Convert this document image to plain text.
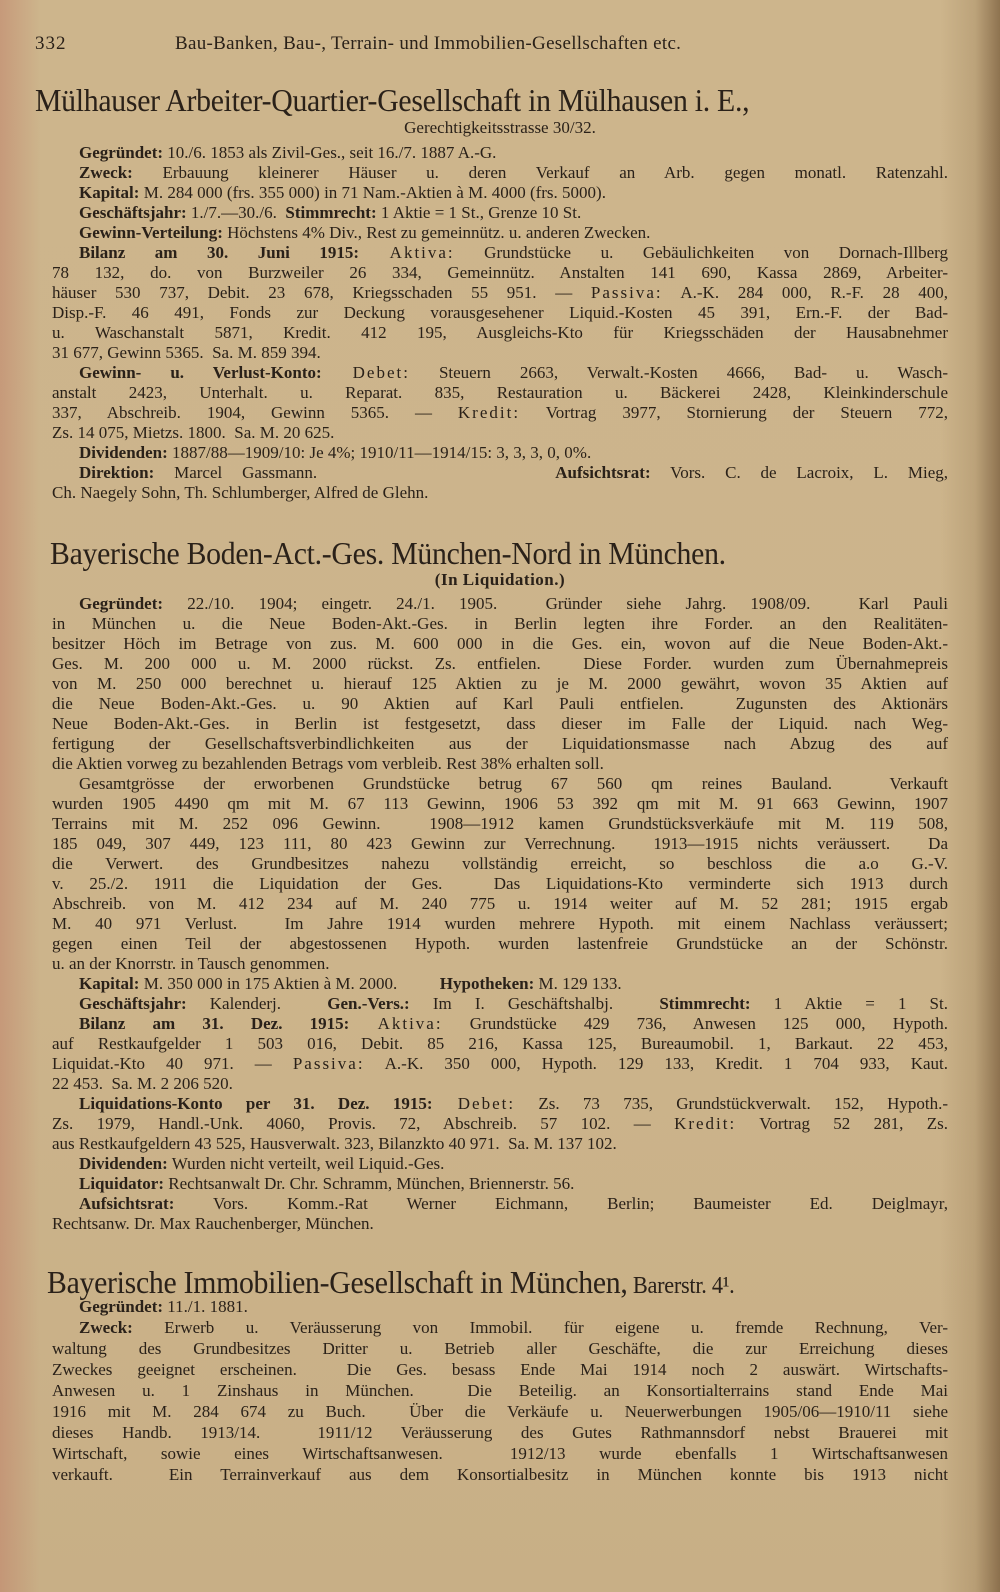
332	Bau-Banken, Bau-, Terrain- und Immobilien-Gesellschaften etc.
Mülhauser Arbeiter-Quartier-Gesellschaft in Mülhausen i. E.,
Gerechtigkeitsstrasse 30/32.
Gegründet: 10./6. 1853 als Zivil-Ges., seit 16./7. 1887 A.-G.
Zweck: Erbauung kleinerer Häuser u. deren Verkauf an Arb. gegen monatl. Ratenzahl.
Kapital: M. 284 000 (frs. 355 000) in 71 Nam.-Aktien à M. 4000 (frs. 5000).
Geschäftsjahr: 1./7.—30./6.  Stimmrecht: 1 Aktie = 1 St., Grenze 10 St.
Gewinn-Verteilung: Höchstens 4% Div., Rest zu gemeinnütz. u. anderen Zwecken.
Bilanz am 30. Juni 1915: Aktiva: Grundstücke u. Gebäulichkeiten von Dornach-Illberg
78 132, do. von Burzweiler 26 334, Gemeinnütz. Anstalten 141 690, Kassa 2869, Arbeiter-
häuser 530 737, Debit. 23 678, Kriegsschaden 55 951. — Passiva: A.-K. 284 000, R.-F. 28 400,
Disp.-F. 46 491, Fonds zur Deckung vorausgesehener Liquid.-Kosten 45 391, Ern.-F. der Bad-
u. Waschanstalt 5871, Kredit. 412 195, Ausgleichs-Kto für Kriegsschäden der Hausabnehmer
31 677, Gewinn 5365.  Sa. M. 859 394.
Gewinn- u. Verlust-Konto: Debet: Steuern 2663, Verwalt.-Kosten 4666, Bad- u. Wasch-
anstalt 2423, Unterhalt. u. Reparat. 835, Restauration u. Bäckerei 2428, Kleinkinderschule
337, Abschreib. 1904, Gewinn 5365. — Kredit: Vortrag 3977, Stornierung der Steuern 772,
Zs. 14 075, Mietzs. 1800.  Sa. M. 20 625.
Dividenden: 1887/88—1909/10: Je 4%; 1910/11—1914/15: 3, 3, 3, 0, 0%.
Direktion: Marcel Gassmann.            Aufsichtsrat: Vors. C. de Lacroix, L. Mieg,
Ch. Naegely Sohn, Th. Schlumberger, Alfred de Glehn.
Bayerische Boden-Act.-Ges. München-Nord in München.
(In Liquidation.)
Gegründet: 22./10. 1904; eingetr. 24./1. 1905.  Gründer siehe Jahrg. 1908/09.  Karl Pauli
in München u. die Neue Boden-Akt.-Ges. in Berlin legten ihre Forder. an den Realitäten-
besitzer Höch im Betrage von zus. M. 600 000 in die Ges. ein, wovon auf die Neue Boden-Akt.-
Ges. M. 200 000 u. M. 2000 rückst. Zs. entfielen.  Diese Forder. wurden zum Übernahmepreis
von M. 250 000 berechnet u. hierauf 125 Aktien zu je M. 2000 gewährt, wovon 35 Aktien auf
die Neue Boden-Akt.-Ges. u. 90 Aktien auf Karl Pauli entfielen.  Zugunsten des Aktionärs
Neue Boden-Akt.-Ges. in Berlin ist festgesetzt, dass dieser im Falle der Liquid. nach Weg-
fertigung der Gesellschaftsverbindlichkeiten aus der Liquidationsmasse nach Abzug des auf
die Aktien vorweg zu bezahlenden Betrags vom verbleib. Rest 38% erhalten soll.
Gesamtgrösse der erworbenen Grundstücke betrug 67 560 qm reines Bauland.  Verkauft
wurden 1905 4490 qm mit M. 67 113 Gewinn, 1906 53 392 qm mit M. 91 663 Gewinn, 1907
Terrains mit M. 252 096 Gewinn.  1908—1912 kamen Grundstücksverkäufe mit M. 119 508,
185 049, 307 449, 123 111, 80 423 Gewinn zur Verrechnung.  1913—1915 nichts veräussert.  Da
die Verwert. des Grundbesitzes nahezu vollständig erreicht, so beschloss die a.o G.-V.
v. 25./2. 1911 die Liquidation der Ges.  Das Liquidations-Kto verminderte sich 1913 durch
Abschreib. von M. 412 234 auf M. 240 775 u. 1914 weiter auf M. 52 281; 1915 ergab
M. 40 971 Verlust.  Im Jahre 1914 wurden mehrere Hypoth. mit einem Nachlass veräussert;
gegen einen Teil der abgestossenen Hypoth. wurden lastenfreie Grundstücke an der Schönstr.
u. an der Knorrstr. in Tausch genommen.
Kapital: M. 350 000 in 175 Aktien à M. 2000.          Hypotheken: M. 129 133.
Geschäftsjahr: Kalenderj.  Gen.-Vers.: Im I. Geschäftshalbj.  Stimmrecht: 1 Aktie = 1 St.
Bilanz am 31. Dez. 1915: Aktiva: Grundstücke 429 736, Anwesen 125 000, Hypoth.
auf Restkaufgelder 1 503 016, Debit. 85 216, Kassa 125, Bureaumobil. 1, Barkaut. 22 453,
Liquidat.-Kto 40 971. — Passiva: A.-K. 350 000, Hypoth. 129 133, Kredit. 1 704 933, Kaut.
22 453.  Sa. M. 2 206 520.
Liquidations-Konto per 31. Dez. 1915: Debet: Zs. 73 735, Grundstückverwalt. 152, Hypoth.-
Zs. 1979, Handl.-Unk. 4060, Provis. 72, Abschreib. 57 102. — Kredit: Vortrag 52 281, Zs.
aus Restkaufgeldern 43 525, Hausverwalt. 323, Bilanzkto 40 971.  Sa. M. 137 102.
Dividenden: Wurden nicht verteilt, weil Liquid.-Ges.
Liquidator: Rechtsanwalt Dr. Chr. Schramm, München, Briennerstr. 56.
Aufsichtsrat: Vors. Komm.-Rat Werner Eichmann, Berlin; Baumeister Ed. Deiglmayr,
Rechtsanw. Dr. Max Rauchenberger, München.
Bayerische Immobilien-Gesellschaft in München, Barerstr. 4¹.
Gegründet: 11./1. 1881.
Zweck: Erwerb u. Veräusserung von Immobil. für eigene u. fremde Rechnung, Ver-
waltung des Grundbesitzes Dritter u. Betrieb aller Geschäfte, die zur Erreichung dieses
Zweckes geeignet erscheinen.  Die Ges. besass Ende Mai 1914 noch 2 auswärt. Wirtschafts-
Anwesen u. 1 Zinshaus in München.  Die Beteilig. an Konsortialterrains stand Ende Mai
1916 mit M. 284 674 zu Buch.  Über die Verkäufe u. Neuerwerbungen 1905/06—1910/11 siehe
dieses Handb. 1913/14.  1911/12 Veräusserung des Gutes Rathmannsdorf nebst Brauerei mit
Wirtschaft, sowie eines Wirtschaftsanwesen.  1912/13 wurde ebenfalls 1 Wirtschaftsanwesen
verkauft.  Ein Terrainverkauf aus dem Konsortialbesitz in München konnte bis 1913 nicht
